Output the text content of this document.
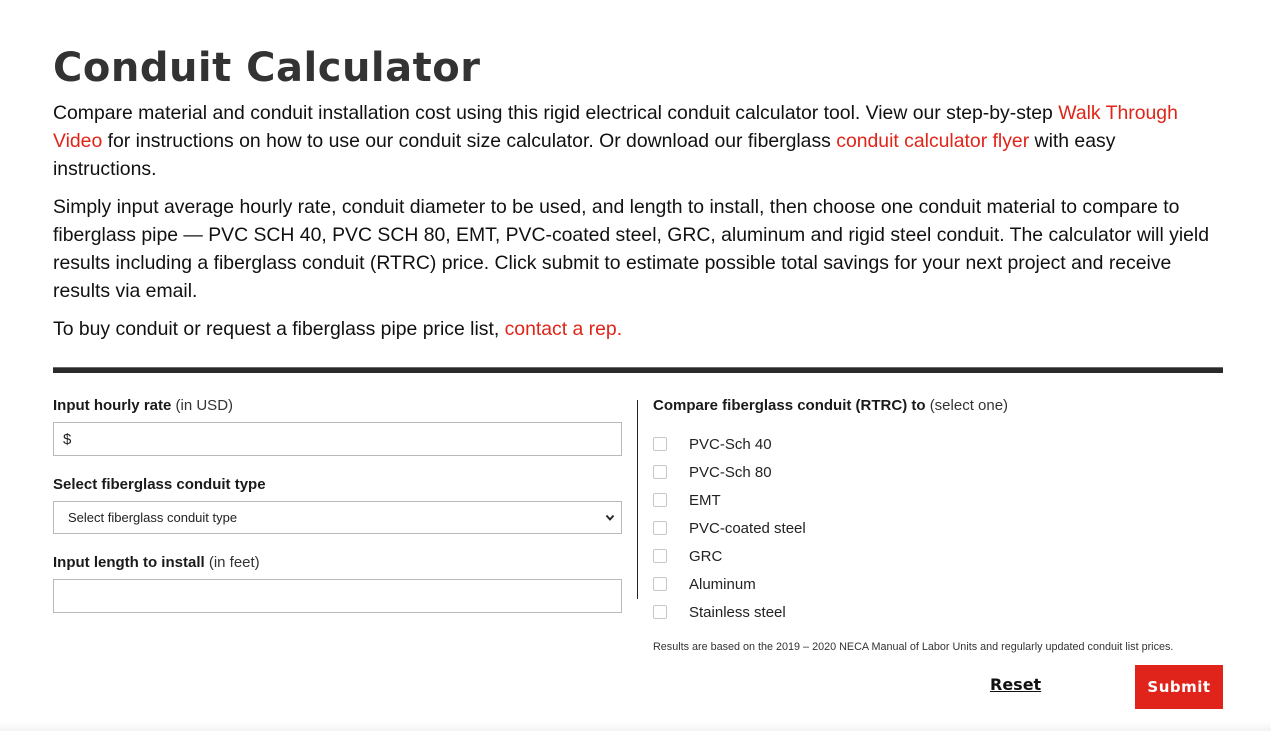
Conduit Calculator

Compare material and conduit installation cost using this rigid electrical conduit calculator tool. View our step-by-step Walk Through Video for instructions on how to use our conduit size calculator. Or download our fiberglass conduit calculator flyer with easy instructions.

Simply input average hourly rate, conduit diameter to be used, and length to install, then choose one conduit material to compare to fiberglass pipe — PVC SCH 40, PVC SCH 80, EMT, PVC-coated steel, GRC, aluminum and rigid steel conduit. The calculator will yield results including a fiberglass conduit (RTRC) price. Click submit to estimate possible total savings for your next project and receive results via email.

To buy conduit or request a fiberglass pipe price list, contact a rep.

Input hourly rate (in USD)
$
Select fiberglass conduit type
Select fiberglass conduit type
Input length to install (in feet)
Compare fiberglass conduit (RTRC) to (select one)
PVC-Sch 40
PVC-Sch 80
EMT
PVC-coated steel
GRC
Aluminum
Stainless steel
Results are based on the 2019 – 2020 NECA Manual of Labor Units and regularly updated conduit list prices.
Reset	Submit
